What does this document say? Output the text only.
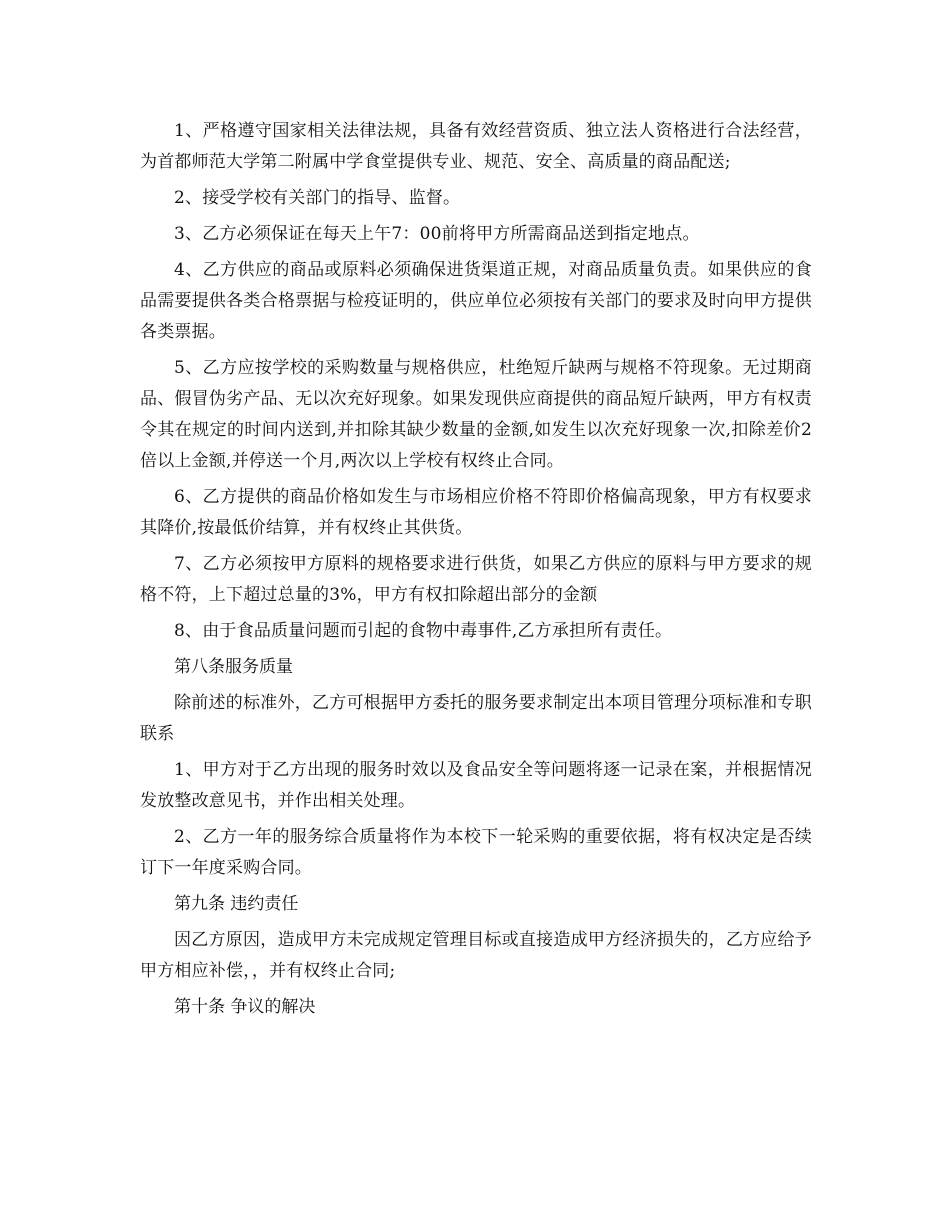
1、严格遵守国家相关法律法规，具备有效经营资质、独立法人资格进行合法经营，为首都师范大学第二附属中学食堂提供专业、规范、安全、高质量的商品配送;

2、接受学校有关部门的指导、监督。

3、乙方必须保证在每天上午7：00前将甲方所需商品送到指定地点。

4、乙方供应的商品或原料必须确保进货渠道正规，对商品质量负责。如果供应的食品需要提供各类合格票据与检疫证明的，供应单位必须按有关部门的要求及时向甲方提供各类票据。

5、乙方应按学校的采购数量与规格供应，杜绝短斤缺两与规格不符现象。无过期商品、假冒伪劣产品、无以次充好现象。如果发现供应商提供的商品短斤缺两，甲方有权责令其在规定的时间内送到,并扣除其缺少数量的金额,如发生以次充好现象一次,扣除差价2倍以上金额,并停送一个月,两次以上学校有权终止合同。

6、乙方提供的商品价格如发生与市场相应价格不符即价格偏高现象，甲方有权要求其降价,按最低价结算，并有权终止其供货。

7、乙方必须按甲方原料的规格要求进行供货，如果乙方供应的原料与甲方要求的规格不符，上下超过总量的3%，甲方有权扣除超出部分的金额

8、由于食品质量问题而引起的食物中毒事件,乙方承担所有责任。

第八条服务质量

除前述的标准外，乙方可根据甲方委托的服务要求制定出本项目管理分项标准和专职联系

1、甲方对于乙方出现的服务时效以及食品安全等问题将逐一记录在案，并根据情况发放整改意见书，并作出相关处理。

2、乙方一年的服务综合质量将作为本校下一轮采购的重要依据，将有权决定是否续订下一年度采购合同。

第九条 违约责任

因乙方原因，造成甲方未完成规定管理目标或直接造成甲方经济损失的，乙方应给予甲方相应补偿，，并有权终止合同;

第十条 争议的解决
